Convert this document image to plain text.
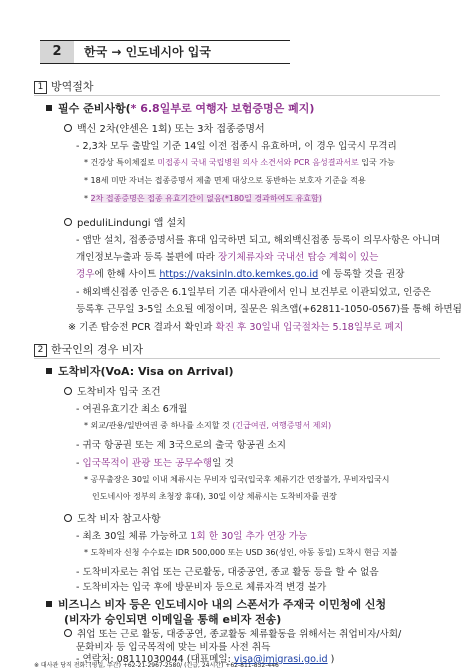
2	한국 → 인도네시아 입국
1 방역절차
필수 준비사항(* 6.8일부로 여행자 보험증명은 폐지)
백신 2차(얀센은 1회) 또는 3차 접종증명서
- 2,3차 모두 출발일 기준 14일 이전 접종시 유효하며, 이 경우 입국시 무격리
* 건강상 특이체질로 미접종시 국내 국립병원 의사 소견서와 PCR 음성결과서로 입국 가능
* 18세 미만 자녀는 접종증명서 제출 면제 대상으로 동반하는 보호자 기준을 적용
* 2차 접종증명은 접종 유효기간이 없음(*180일 경과하여도 유효함)
peduliLindungi 앱 설치
- 앱만 설치, 접종증명서를 휴대 입국하면 되고, 해외백신접종 등록이 의무사항은 아니며
개인정보누출과 등록 불편에 따라 장기체류자와 국내선 탑승 계획이 있는
경우에 한해 사이트 https://vaksinln.dto.kemkes.go.id 에 등록할 것을 권장
- 해외백신접종 인증은 6.1일부터 기존 대사관에서 인니 보건부로 이관되었고, 인증은
등록후 근무일 3-5일 소요될 예정이며, 질문은 워츠앱(+62811-1050-0567)를 통해 하면됨
※ 기존 탑승전 PCR 결과서 확인과 확진 후 30일내 입국절차는 5.18일부로 폐지
2 한국인의 경우 비자
도착비자(VoA: Visa on Arrival)
도착비자 입국 조건
- 여권유효기간 최소 6개월
* 외교/관용/일반여권 중 하나를 소지할 것 (긴급여권, 여행증명서 제외)
- 귀국 항공권 또는 제 3국으로의 출국 항공권 소지
- 입국목적이 관광 또는 공무수행일 것
* 공무출장은 30일 이내 체류시는 무비자 입국(입국후 체류기간 연장불가, 무비자입국시
인도네시아 정부의 초청장 휴대), 30일 이상 체류시는 도착비자를 권장
도착 비자 참고사항
- 최초 30일 체류 가능하고 1회 한 30일 추가 연장 가능
* 도착비자 신청 수수료는 IDR 500,000 또는 USD 36(성인, 아동 동일) 도착시 현금 지불
- 도착비자로는 취업 또는 근로활동, 대중공연, 종교 활동 등을 할 수 없음
- 도착비자는 입국 후에 방문비자 등으로 체류자격 변경 불가
비즈니스 비자 등은 인도네시아 내의 스폰서가 주재국 이민청에 신청
(비자가 승인되면 이메일을 통해 e비자 전송)
취업 또는 근로 활동, 대중공연, 종교활동 체류활동을 위해서는 취업비자/사회/
문화비자 등 입국목적에 맞는 비자를 사전 취득
※ 대사관 당직 전화: (평일, 주간) +62-21-2967-2580/ (긴급, 24시간) +62-811-852-446
- 연락처: 08111030044 (대표메일: visa@imigrasi.go.id )
